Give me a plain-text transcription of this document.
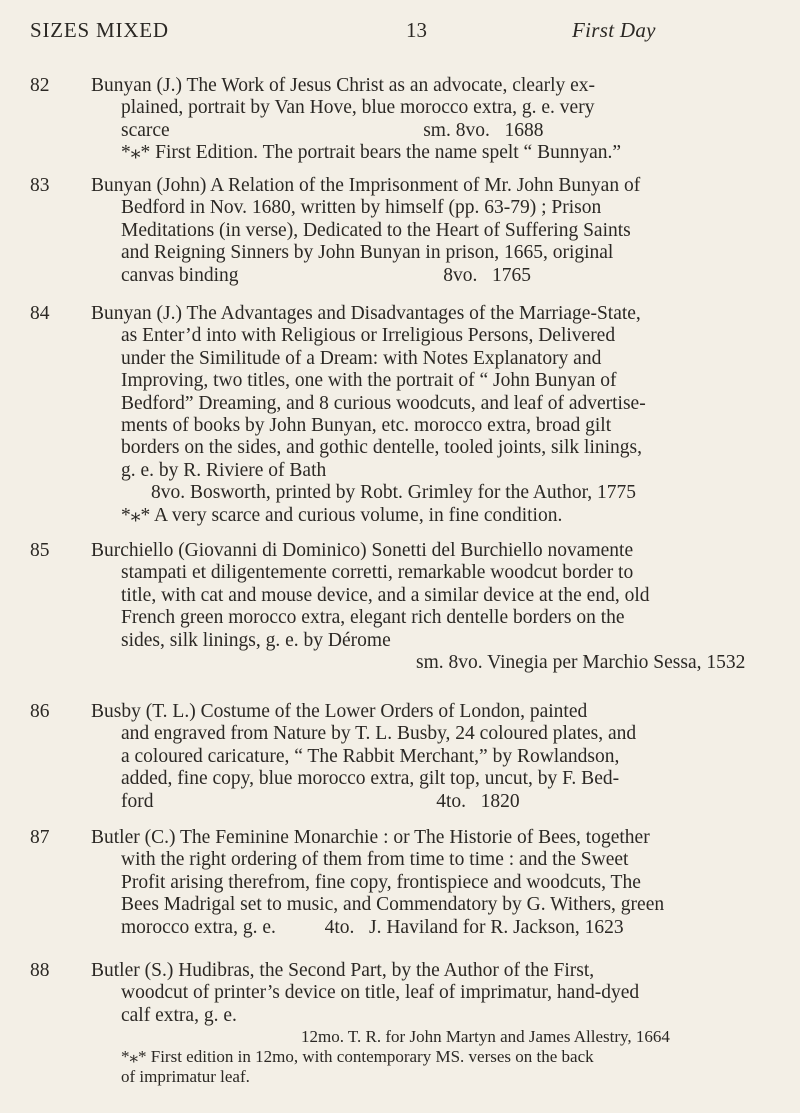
SIZES MIXED	13	First Day
82 Bunyan (J.) The Work of Jesus Christ as an advocate, clearly ex-
plained, portrait by Van Hove, blue morocco extra, g. e. very
scarce                                                    sm. 8vo.   1688
*⁎* First Edition. The portrait bears the name spelt “ Bunnyan.”
83 Bunyan (John) A Relation of the Imprisonment of Mr. John Bunyan of
Bedford in Nov. 1680, written by himself (pp. 63-79) ; Prison
Meditations (in verse), Dedicated to the Heart of Suffering Saints
and Reigning Sinners by John Bunyan in prison, 1665, original
canvas binding                                          8vo.   1765
84 Bunyan (J.) The Advantages and Disadvantages of the Marriage-State,
as Enter’d into with Religious or Irreligious Persons, Delivered
under the Similitude of a Dream: with Notes Explanatory and
Improving, two titles, one with the portrait of “ John Bunyan of
Bedford” Dreaming, and 8 curious woodcuts, and leaf of advertise-
ments of books by John Bunyan, etc. morocco extra, broad gilt
borders on the sides, and gothic dentelle, tooled joints, silk linings,
g. e. by R. Riviere of Bath
8vo. Bosworth, printed by Robt. Grimley for the Author, 1775
*⁎* A very scarce and curious volume, in fine condition.
85 Burchiello (Giovanni di Dominico) Sonetti del Burchiello novamente
stampati et diligentemente corretti, remarkable woodcut border to
title, with cat and mouse device, and a similar device at the end, old
French green morocco extra, elegant rich dentelle borders on the
sides, silk linings, g. e. by Dérome
sm. 8vo. Vinegia per Marchio Sessa, 1532
86 Busby (T. L.) Costume of the Lower Orders of London, painted
and engraved from Nature by T. L. Busby, 24 coloured plates, and
a coloured caricature, “ The Rabbit Merchant,” by Rowlandson,
added, fine copy, blue morocco extra, gilt top, uncut, by F. Bed-
ford                                                          4to.   1820
87 Butler (C.) The Feminine Monarchie : or The Historie of Bees, together
with the right ordering of them from time to time : and the Sweet
Profit arising therefrom, fine copy, frontispiece and woodcuts, The
Bees Madrigal set to music, and Commendatory by G. Withers, green
morocco extra, g. e.          4to.   J. Haviland for R. Jackson, 1623
88 Butler (S.) Hudibras, the Second Part, by the Author of the First,
woodcut of printer’s device on title, leaf of imprimatur, hand-dyed
calf extra, g. e.
12mo. T. R. for John Martyn and James Allestry, 1664
*⁎* First edition in 12mo, with contemporary MS. verses on the back
of imprimatur leaf.
